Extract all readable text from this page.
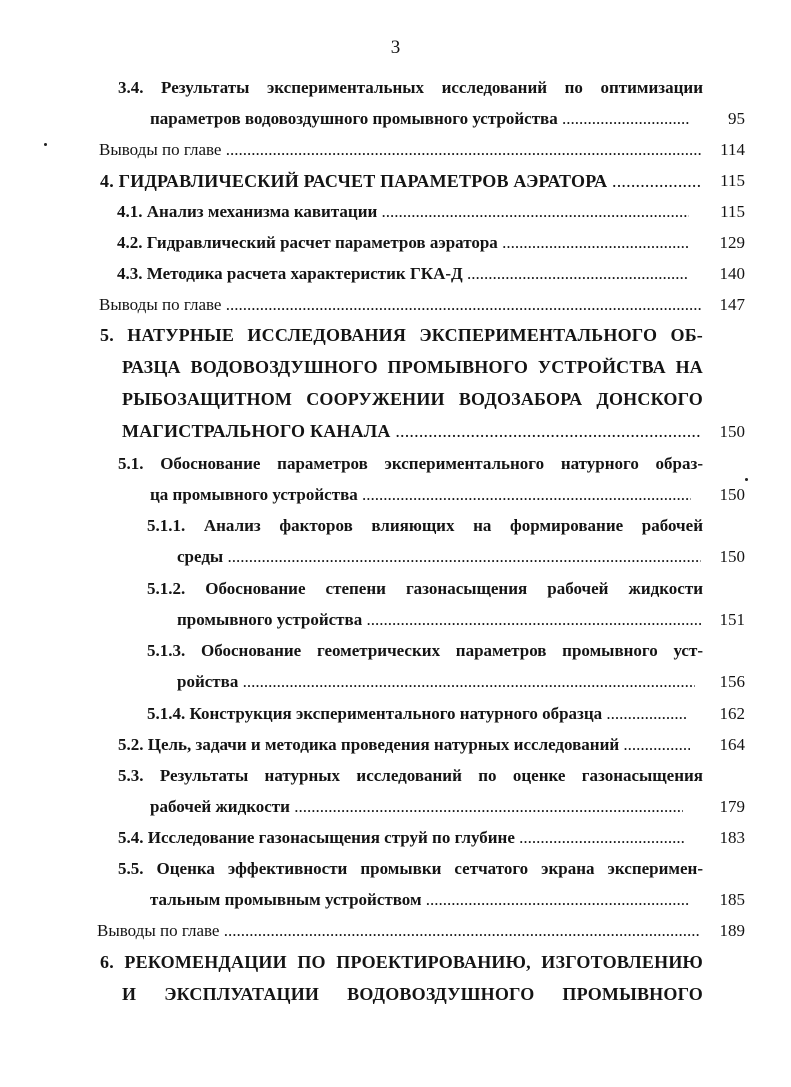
3
3.4. Результаты экспериментальных исследований по оптимизации
параметров водовоздушного промывного устройства .....	95
Выводы по главе .....	114
4. ГИДРАВЛИЧЕСКИЙ РАСЧЕТ ПАРАМЕТРОВ АЭРАТОРА .....	115
4.1. Анализ механизма кавитации .....	115
4.2. Гидравлический расчет параметров аэратора .....	129
4.3. Методика расчета характеристик ГКА-Д .....	140
Выводы по главе .....	147
5. НАТУРНЫЕ ИССЛЕДОВАНИЯ ЭКСПЕРИМЕНТАЛЬНОГО ОБ-
РАЗЦА ВОДОВОЗДУШНОГО ПРОМЫВНОГО УСТРОЙСТВА НА
РЫБОЗАЩИТНОМ СООРУЖЕНИИ ВОДОЗАБОРА ДОНСКОГО
МАГИСТРАЛЬНОГО КАНАЛА .....	150
5.1. Обоснование параметров экспериментального натурного образ-
ца промывного устройства .....	150
5.1.1. Анализ факторов влияющих на формирование рабочей
среды .....	150
5.1.2. Обоснование степени газонасыщения рабочей жидкости
промывного устройства .....	151
5.1.3. Обоснование геометрических параметров промывного уст-
ройства .....	156
5.1.4. Конструкция экспериментального натурного образца .....	162
5.2. Цель, задачи и методика проведения натурных исследований .....	164
5.3. Результаты натурных исследований по оценке газонасыщения
рабочей жидкости .....	179
5.4. Исследование газонасыщения струй по глубине .....	183
5.5. Оценка эффективности промывки сетчатого экрана эксперимен-
тальным промывным устройством .....	185
Выводы по главе .....	189
6. РЕКОМЕНДАЦИИ ПО ПРОЕКТИРОВАНИЮ, ИЗГОТОВЛЕНИЮ
И ЭКСПЛУАТАЦИИ ВОДОВОЗДУШНОГО ПРОМЫВНОГО
